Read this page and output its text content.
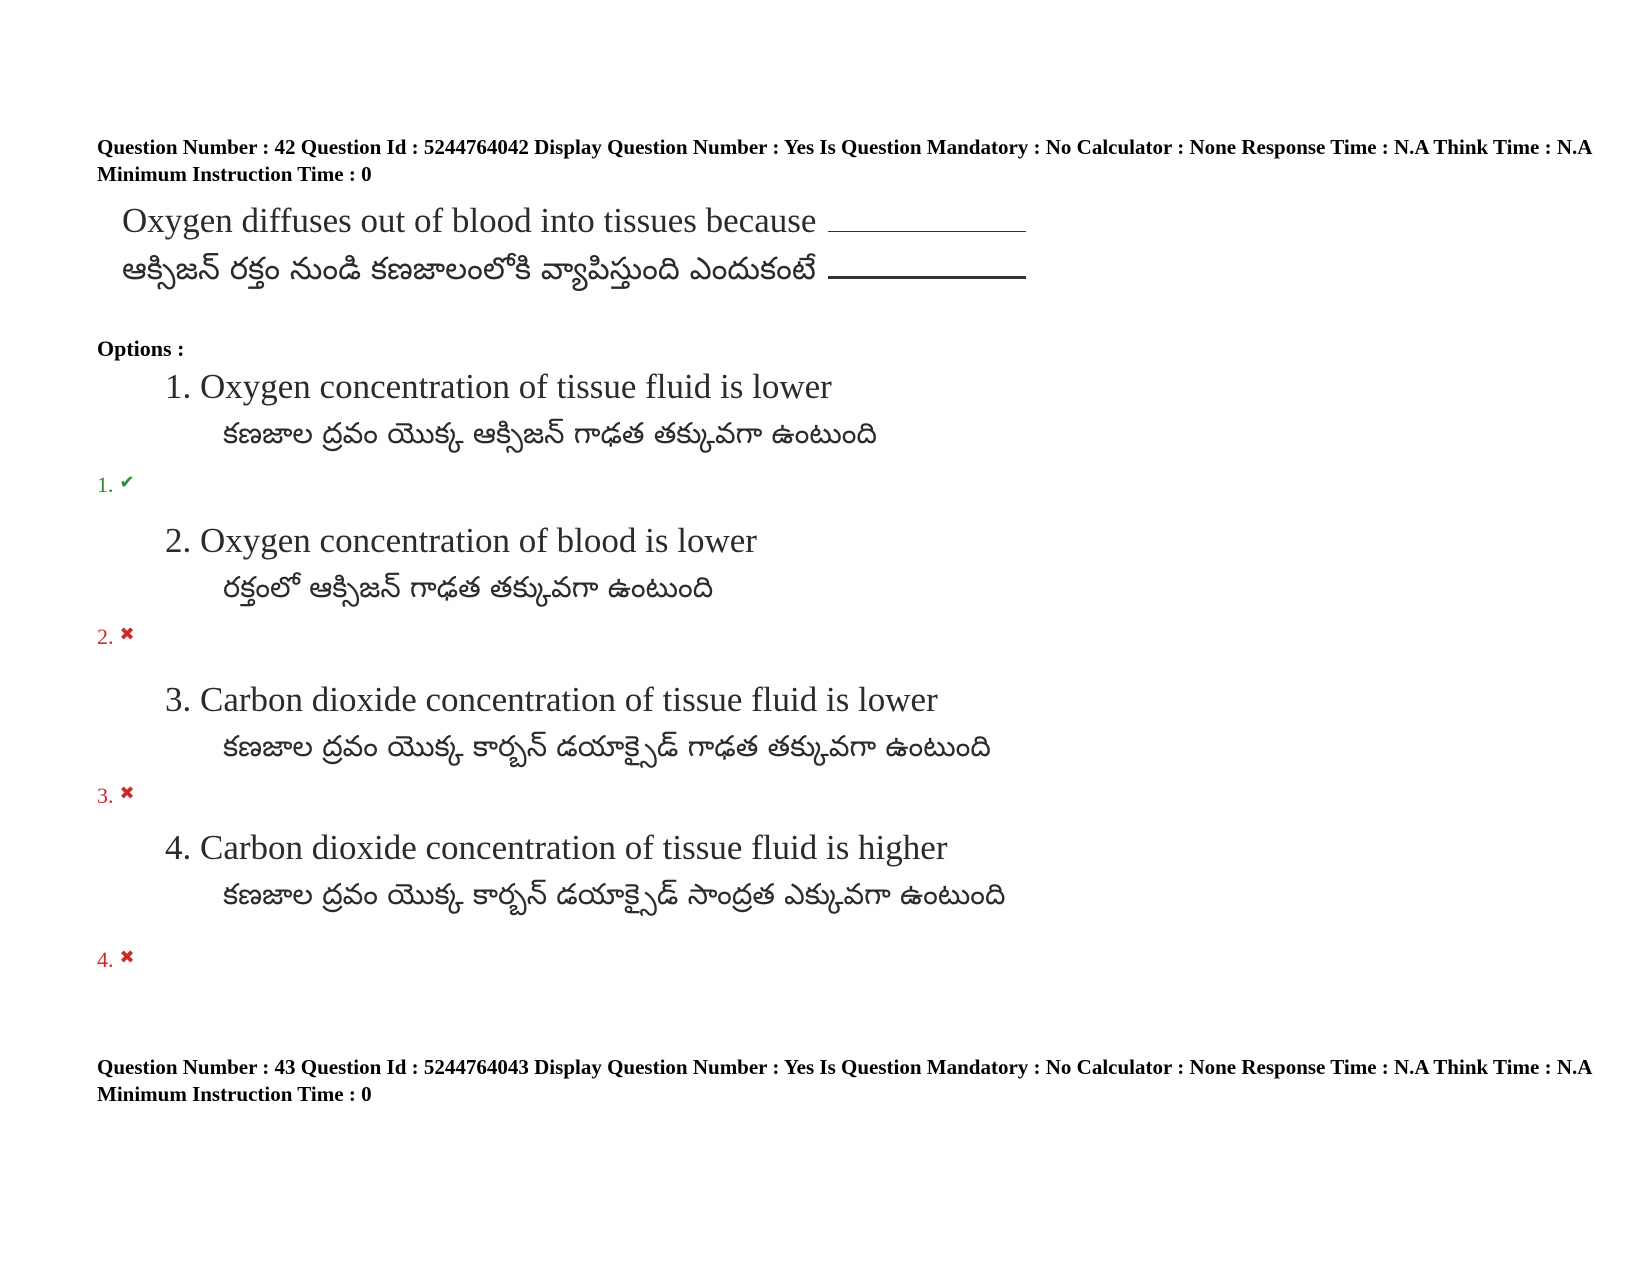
Question Number : 42 Question Id : 5244764042 Display Question Number : Yes Is Question Mandatory : No Calculator : None Response Time : N.A Think Time : N.A Minimum Instruction Time : 0
Oxygen diffuses out of blood into tissues because
ఆక్సిజన్ రక్తం నుండి కణజాలంలోకి వ్యాపిస్తుంది ఎందుకంటే
Options :
1. Oxygen concentration of tissue fluid is lower
కణజాల ద్రవం యొక్క ఆక్సిజన్ గాఢత తక్కువగా ఉంటుంది
1. ✔
2. Oxygen concentration of blood is lower
రక్తంలో ఆక్సిజన్ గాఢత తక్కువగా ఉంటుంది
2. ✖
3. Carbon dioxide concentration of tissue fluid is lower
కణజాల ద్రవం యొక్క కార్బన్ డయాక్సైడ్ గాఢత తక్కువగా ఉంటుంది
3. ✖
4. Carbon dioxide concentration of tissue fluid is higher
కణజాల ద్రవం యొక్క కార్బన్ డయాక్సైడ్ సాంద్రత ఎక్కువగా ఉంటుంది
4. ✖
Question Number : 43 Question Id : 5244764043 Display Question Number : Yes Is Question Mandatory : No Calculator : None Response Time : N.A Think Time : N.A Minimum Instruction Time : 0
